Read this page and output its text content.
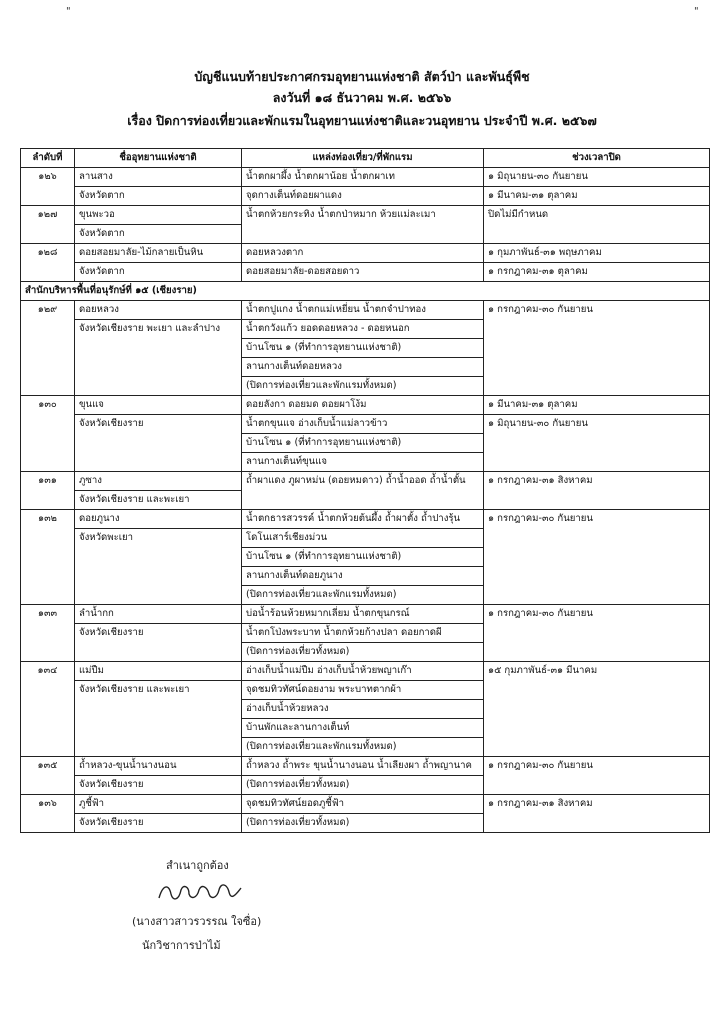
"	"
บัญชีแนบท้ายประกาศกรมอุทยานแห่งชาติ สัตว์ป่า และพันธุ์พืช
ลงวันที่ ๑๘ ธันวาคม พ.ศ. ๒๕๖๖
เรื่อง ปิดการท่องเที่ยวและพักแรมในอุทยานแห่งชาติและวนอุทยาน ประจำปี พ.ศ. ๒๕๖๗
ลำดับที่	ชื่ออุทยานแห่งชาติ	แหล่งท่องเที่ยว/ที่พักแรม	ช่วงเวลาปิด
๑๒๖	ลานสาง	น้ำตกผาผึ้ง น้ำตกผาน้อย น้ำตกผาเท	๑ มิถุนายน-๓๐ กันยายน
	จังหวัดตาก	จุดกางเต็นท์ดอยผาแดง	๑ มีนาคม-๓๑ ตุลาคม
๑๒๗	ขุนพะวอ	น้ำตกห้วยกระทิง น้ำตกป่าหมาก ห้วยแม่ละเมา	ปิดไม่มีกำหนด
	จังหวัดตาก		
๑๒๘	ดอยสอยมาลัย-ไม้กลายเป็นหิน	ดอยหลวงตาก	๑ กุมภาพันธ์-๓๑ พฤษภาคม
	จังหวัดตาก	ดอยสอยมาลัย-ดอยสอยดาว	๑ กรกฎาคม-๓๑ ตุลาคม
สำนักบริหารพื้นที่อนุรักษ์ที่ ๑๕ (เชียงราย)			
๑๒๙	ดอยหลวง	น้ำตกปูแกง น้ำตกแม่เหยี่ยน น้ำตกจำปาทอง	๑ กรกฎาคม-๓๐ กันยายน
	จังหวัดเชียงราย พะเยา และลำปาง	น้ำตกวังแก้ว ยอดดอยหลวง - ดอยหนอก	
		บ้านโซน ๑ (ที่ทำการอุทยานแห่งชาติ)	
		ลานกางเต็นท์ดอยหลวง	
		(ปิดการท่องเที่ยวและพักแรมทั้งหมด)	
๑๓๐	ขุนแจ	ดอยลังกา ดอยมด ดอยผาโง้ม	๑ มีนาคม-๓๑ ตุลาคม
	จังหวัดเชียงราย	น้ำตกขุนแจ อ่างเก็บน้ำแม่ลาวข้าว	๑ มิถุนายน-๓๐ กันยายน
		บ้านโซน ๑ (ที่ทำการอุทยานแห่งชาติ)	
		ลานกางเต็นท์ขุนแจ	
๑๓๑	ภูซาง	ถ้ำผาแดง ภูผาหม่น (ดอยหมดาว) ถ้ำน้ำออด ถ้ำน้ำตั้น	๑ กรกฎาคม-๓๑ สิงหาคม
	จังหวัดเชียงราย และพะเยา		
๑๓๒	ดอยภูนาง	น้ำตกธารสวรรค์ น้ำตกห้วยต้นผึ้ง ถ้ำผาตั้ง ถ้ำปางรุ้น	๑ กรกฎาคม-๓๐ กันยายน
	จังหวัดพะเยา	โดโนเสาร์เชียงม่วน	
		บ้านโซน ๑ (ที่ทำการอุทยานแห่งชาติ)	
		ลานกางเต็นท์ดอยภูนาง	
		(ปิดการท่องเที่ยวและพักแรมทั้งหมด)	
๑๓๓	ลำน้ำกก	บ่อน้ำร้อนห้วยหมากเลี่ยม น้ำตกขุนกรณ์	๑ กรกฎาคม-๓๐ กันยายน
	จังหวัดเชียงราย	น้ำตกโป่งพระบาท น้ำตกห้วยก้างปลา ดอยกาดผี	
		(ปิดการท่องเที่ยวทั้งหมด)	
๑๓๔	แม่ปืม	อ่างเก็บน้ำแม่ปืม อ่างเก็บน้ำห้วยพญาเก๊า	๑๕ กุมภาพันธ์-๓๑ มีนาคม
	จังหวัดเชียงราย และพะเยา	จุดชมทิวทัศน์ดอยงาม พระบาทตากผ้า	
		อ่างเก็บน้ำห้วยหลวง	
		บ้านพักและลานกางเต็นท์	
		(ปิดการท่องเที่ยวและพักแรมทั้งหมด)	
๑๓๕	ถ้ำหลวง-ขุนน้ำนางนอน	ถ้ำหลวง ถ้ำพระ ขุนน้ำนางนอน น้ำเลียงผา ถ้ำพญานาค	๑ กรกฎาคม-๓๐ กันยายน
	จังหวัดเชียงราย	(ปิดการท่องเที่ยวทั้งหมด)	
๑๓๖	ภูชี้ฟ้า	จุดชมทิวทัศน์ยอดภูชี้ฟ้า	๑ กรกฎาคม-๓๑ สิงหาคม
	จังหวัดเชียงราย	(ปิดการท่องเที่ยวทั้งหมด)	
สำเนาถูกต้อง
(นางสาวสาวรวรรณ ใจซื่อ)
นักวิชาการป่าไม้
